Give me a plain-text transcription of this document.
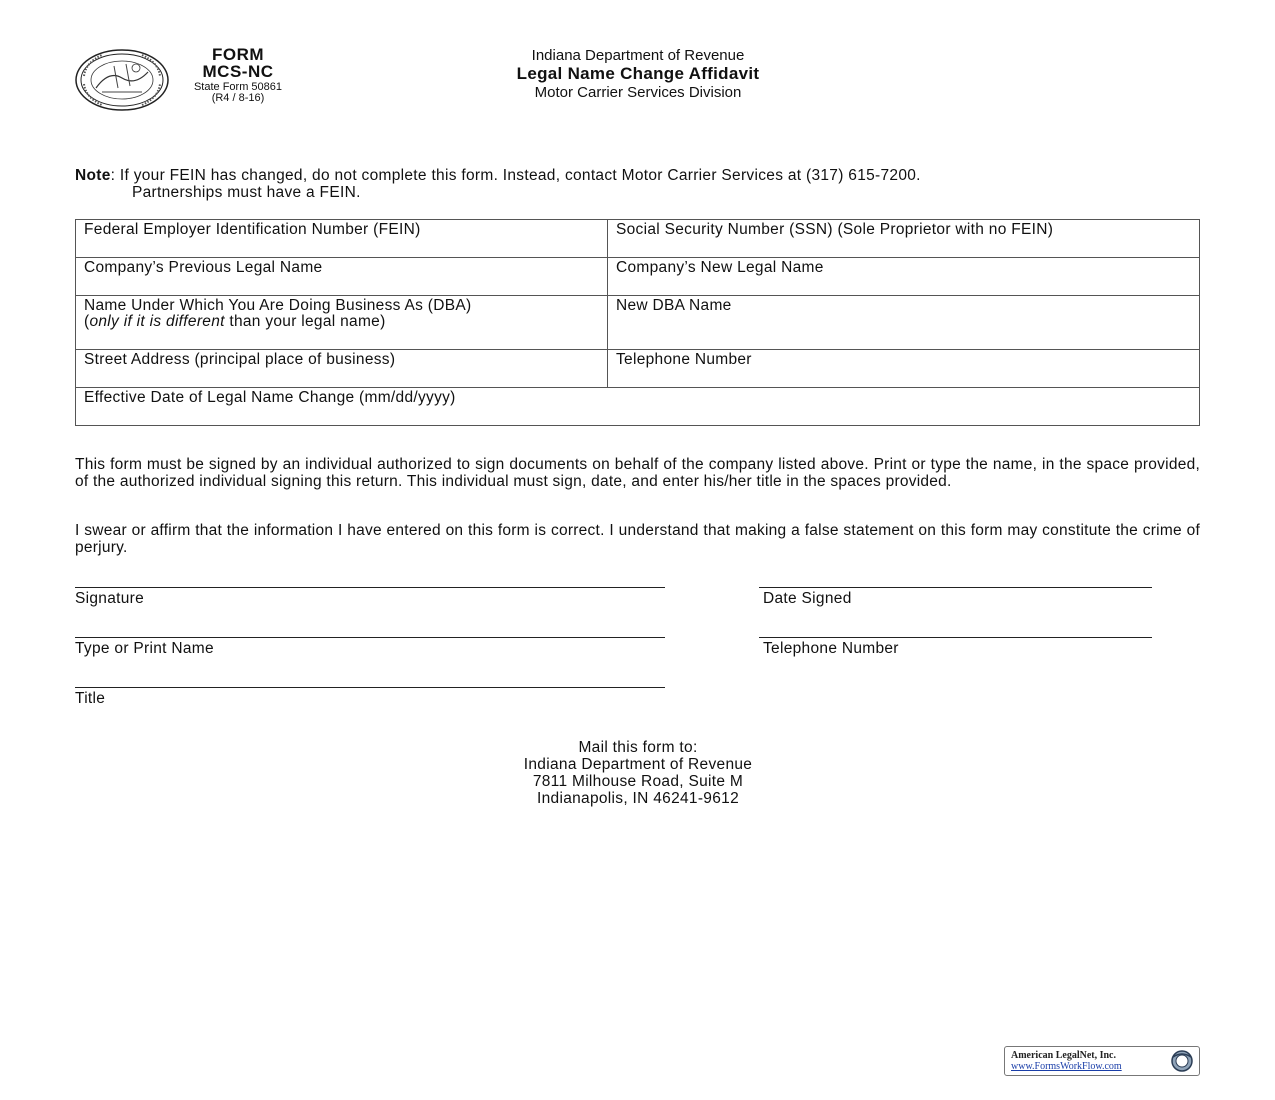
FORM
MCS-NC
State Form 50861
(R4 / 8-16)
Indiana Department of Revenue
Legal Name Change Affidavit
Motor Carrier Services Division
Note: If your FEIN has changed, do not complete this form. Instead, contact Motor Carrier Services at (317) 615-7200.
Partnerships must have a FEIN.
Federal Employer Identification Number (FEIN)	Social Security Number (SSN) (Sole Proprietor with no FEIN)
Company’s Previous Legal Name	Company’s New Legal Name
Name Under Which You Are Doing Business As (DBA)
(only if it is different than your legal name)	New DBA Name
Street Address (principal place of business)	Telephone Number
Effective Date of Legal Name Change (mm/dd/yyyy)	
This form must be signed by an individual authorized to sign documents on behalf of the company listed above. Print or type the name, in the space provided, of the authorized individual signing this return. This individual must sign, date, and enter his/her title in the spaces provided.
I swear or affirm that the information I have entered on this form is correct. I understand that making a false statement on this form may constitute the crime of perjury.
Signature	Date Signed
Type or Print Name	Telephone Number
Title
Mail this form to:
Indiana Department of Revenue
7811 Milhouse Road, Suite M
Indianapolis, IN 46241-9612
American LegalNet, Inc.
www.FormsWorkFlow.com
